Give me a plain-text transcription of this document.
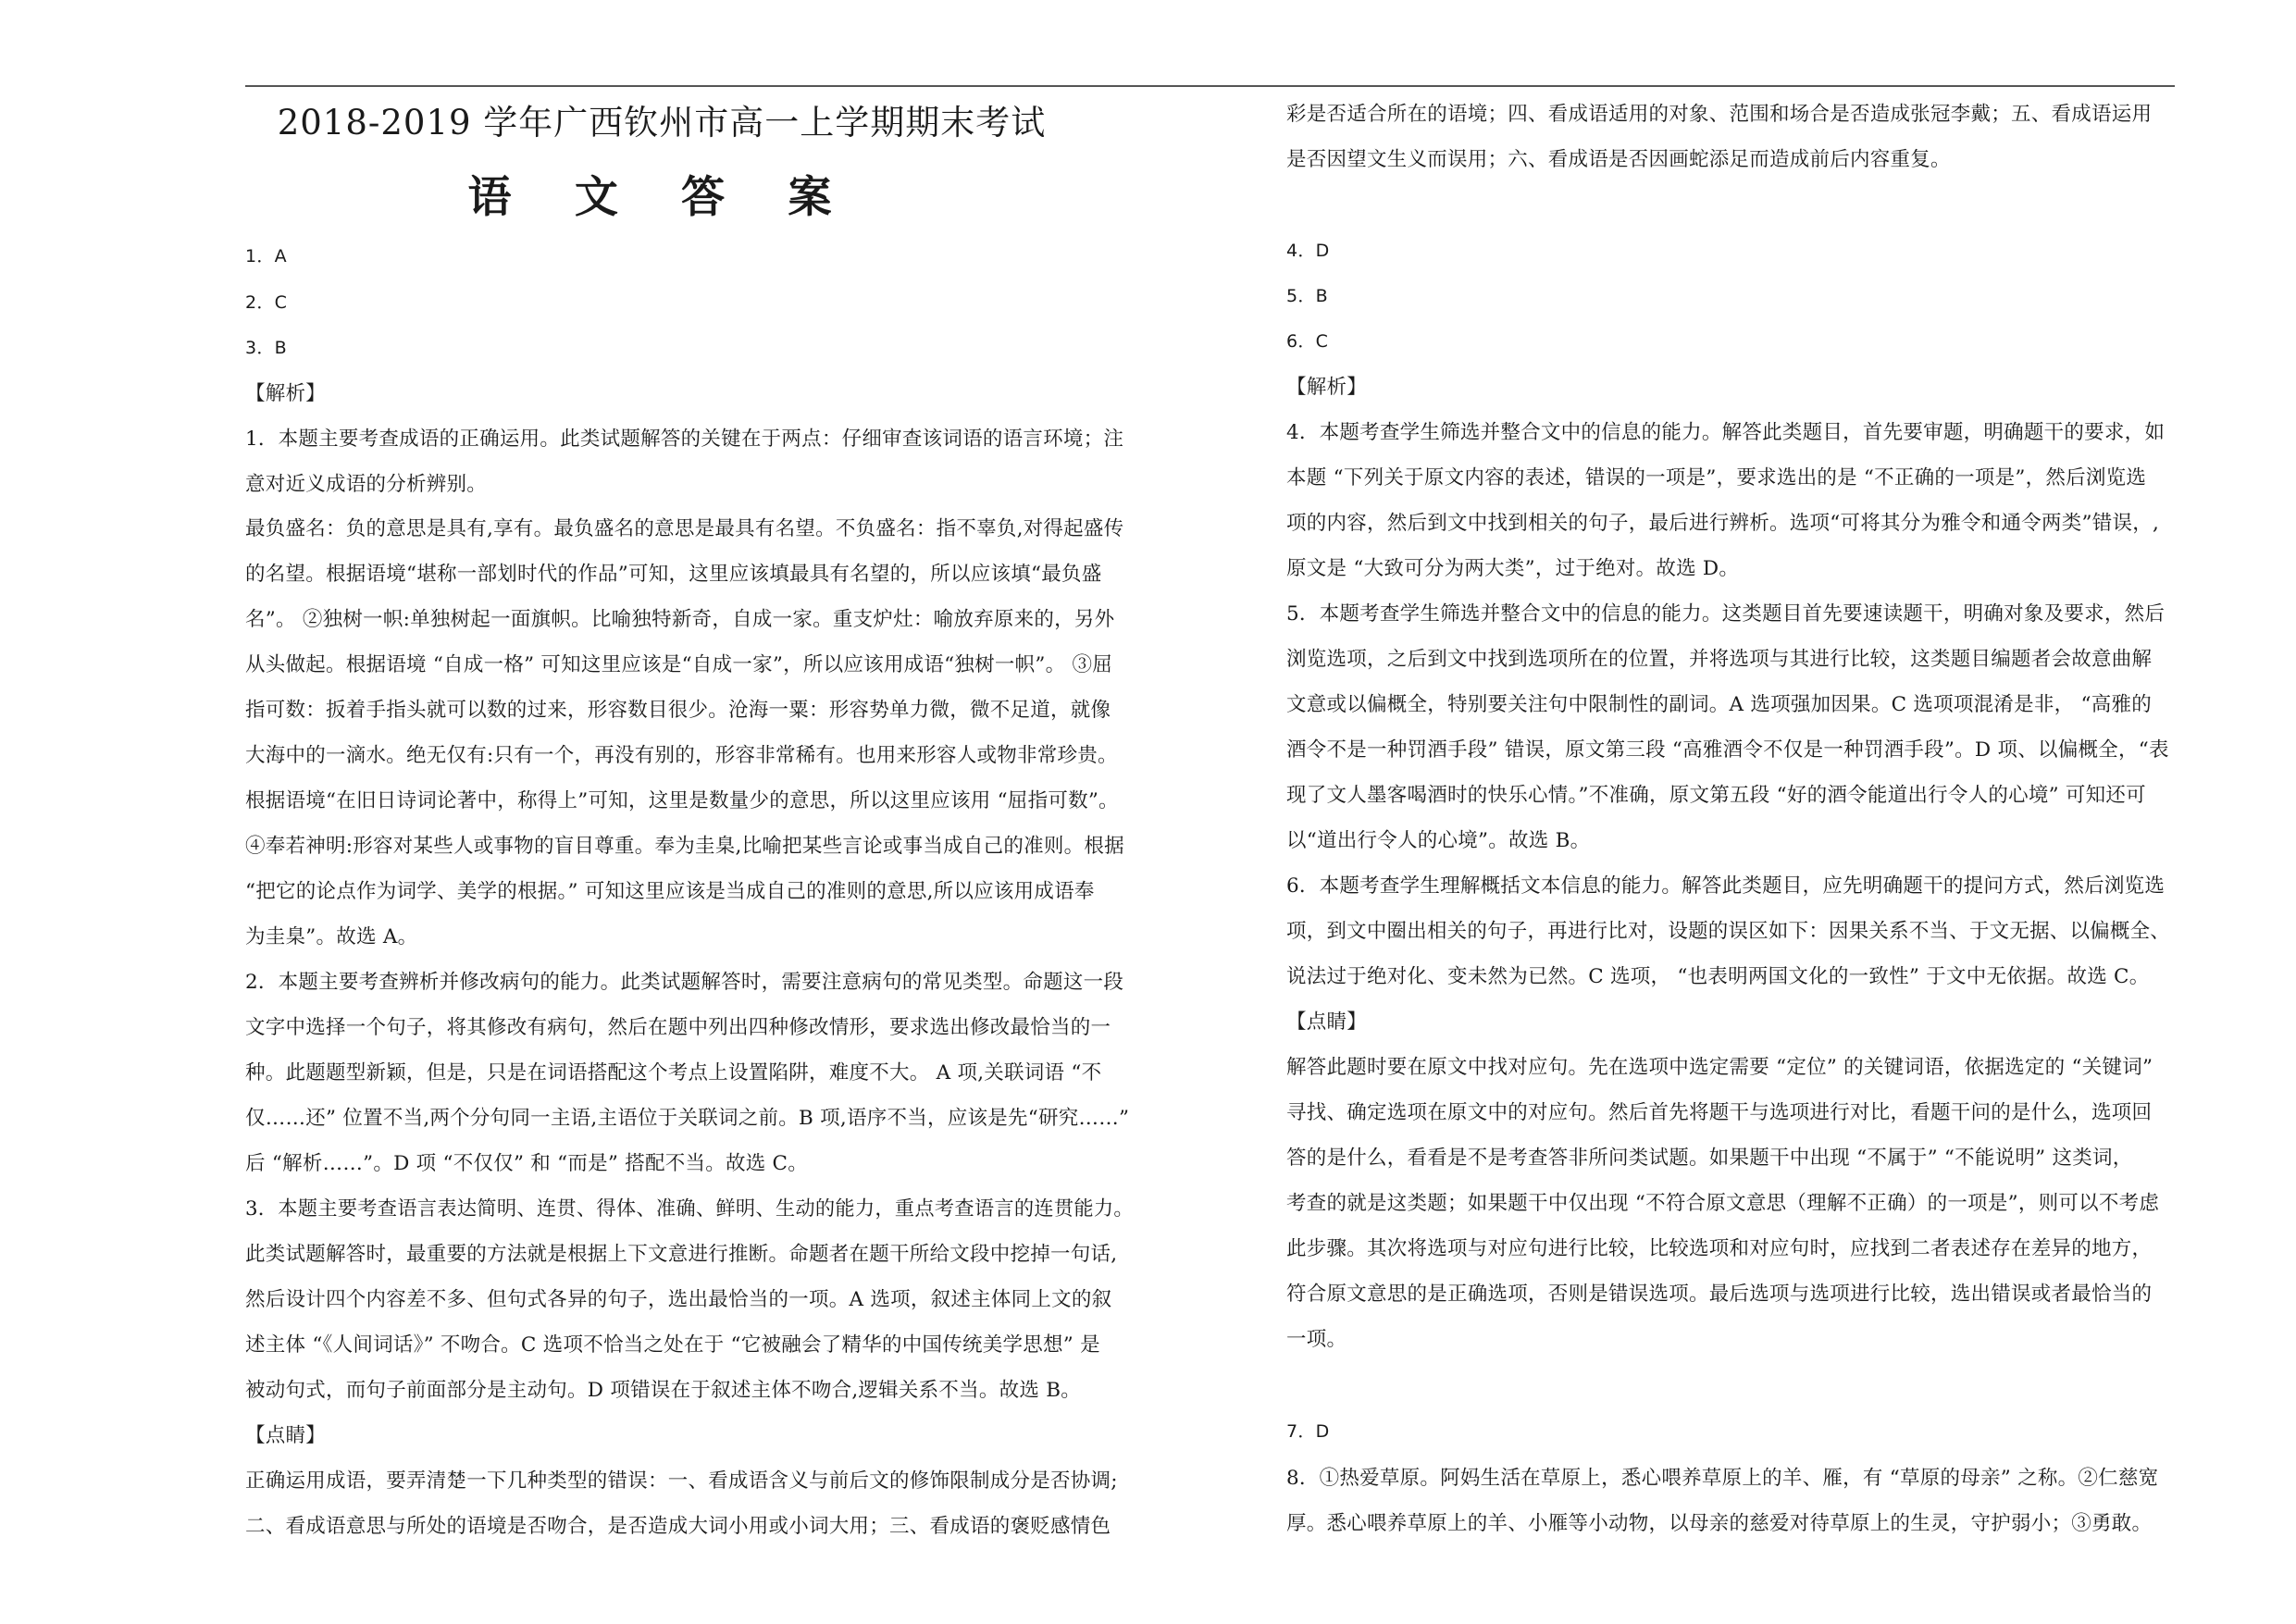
2018-2019 学年广西钦州市高一上学期期末考试
语 文 答 案
1．A
2．C
3．B
【解析】
1．本题主要考查成语的正确运用。此类试题解答的关键在于两点：仔细审查该词语的语言环境；注
意对近义成语的分析辨别。
最负盛名：负的意思是具有,享有。最负盛名的意思是最具有名望。不负盛名：指不辜负,对得起盛传
的名望。根据语境“堪称一部划时代的作品”可知，这里应该填最具有名望的，所以应该填“最负盛
名”。 ②独树一帜:单独树起一面旗帜。比喻独特新奇，自成一家。重支炉灶：喻放弃原来的，另外
从头做起。根据语境 “自成一格” 可知这里应该是“自成一家”，所以应该用成语“独树一帜”。 ③屈
指可数：扳着手指头就可以数的过来，形容数目很少。沧海一粟：形容势单力微，微不足道，就像
大海中的一滴水。绝无仅有:只有一个，再没有别的，形容非常稀有。也用来形容人或物非常珍贵。
根据语境“在旧日诗词论著中，称得上”可知，这里是数量少的意思，所以这里应该用 “屈指可数”。
④奉若神明:形容对某些人或事物的盲目尊重。奉为圭臬,比喻把某些言论或事当成自己的准则。根据
“把它的论点作为词学、美学的根据。” 可知这里应该是当成自己的准则的意思,所以应该用成语奉
为圭臬”。故选 A。
2．本题主要考查辨析并修改病句的能力。此类试题解答时，需要注意病句的常见类型。命题这一段
文字中选择一个句子，将其修改有病句，然后在题中列出四种修改情形，要求选出修改最恰当的一
种。此题题型新颖，但是，只是在词语搭配这个考点上设置陷阱，难度不大。 A 项,关联词语 “不
仅……还” 位置不当,两个分句同一主语,主语位于关联词之前。B 项,语序不当，应该是先“研究……”
后 “解析……”。D 项 “不仅仅” 和 “而是” 搭配不当。故选 C。
3．本题主要考查语言表达简明、连贯、得体、准确、鲜明、生动的能力，重点考查语言的连贯能力。
此类试题解答时，最重要的方法就是根据上下文意进行推断。命题者在题干所给文段中挖掉一句话,
然后设计四个内容差不多、但句式各异的句子，选出最恰当的一项。A 选项，叙述主体同上文的叙
述主体 “《人间词话》” 不吻合。C 选项不恰当之处在于 “它被融会了精华的中国传统美学思想” 是
被动句式，而句子前面部分是主动句。D 项错误在于叙述主体不吻合,逻辑关系不当。故选 B。
【点睛】
正确运用成语，要弄清楚一下几种类型的错误：一、看成语含义与前后文的修饰限制成分是否协调;
二、看成语意思与所处的语境是否吻合，是否造成大词小用或小词大用；三、看成语的褒贬感情色
彩是否适合所在的语境；四、看成语适用的对象、范围和场合是否造成张冠李戴；五、看成语运用
是否因望文生义而误用；六、看成语是否因画蛇添足而造成前后内容重复。
4．D
5．B
6．C
【解析】
4．本题考查学生筛选并整合文中的信息的能力。解答此类题目，首先要审题，明确题干的要求，如
本题 “下列关于原文内容的表述，错误的一项是”，要求选出的是 “不正确的一项是”，然后浏览选
项的内容，然后到文中找到相关的句子，最后进行辨析。选项“可将其分为雅令和通令两类”错误，,
原文是 “大致可分为两大类”，过于绝对。故选 D。
5．本题考查学生筛选并整合文中的信息的能力。这类题目首先要速读题干，明确对象及要求，然后
浏览选项，之后到文中找到选项所在的位置，并将选项与其进行比较，这类题目编题者会故意曲解
文意或以偏概全，特别要关注句中限制性的副词。A 选项强加因果。C 选项项混淆是非， “高雅的
酒令不是一种罚酒手段” 错误，原文第三段 “高雅酒令不仅是一种罚酒手段”。D 项、以偏概全，“表
现了文人墨客喝酒时的快乐心情。”不准确，原文第五段 “好的酒令能道出行令人的心境” 可知还可
以“道出行令人的心境”。故选 B。
6．本题考查学生理解概括文本信息的能力。解答此类题目，应先明确题干的提问方式，然后浏览选
项，到文中圈出相关的句子，再进行比对，设题的误区如下：因果关系不当、于文无据、以偏概全、
说法过于绝对化、变未然为已然。C 选项， “也表明两国文化的一致性” 于文中无依据。故选 C。
【点睛】
解答此题时要在原文中找对应句。先在选项中选定需要 “定位” 的关键词语，依据选定的 “关键词”
寻找、确定选项在原文中的对应句。然后首先将题干与选项进行对比，看题干问的是什么，选项回
答的是什么，看看是不是考查答非所问类试题。如果题干中出现 “不属于” “不能说明” 这类词，
考查的就是这类题；如果题干中仅出现 “不符合原文意思（理解不正确）的一项是”，则可以不考虑
此步骤。其次将选项与对应句进行比较，比较选项和对应句时，应找到二者表述存在差异的地方，
符合原文意思的是正确选项，否则是错误选项。最后选项与选项进行比较，选出错误或者最恰当的
一项。
7．D
8．①热爱草原。阿妈生活在草原上，悉心喂养草原上的羊、雁，有 “草原的母亲” 之称。②仁慈宽
厚。悉心喂养草原上的羊、小雁等小动物，以母亲的慈爱对待草原上的生灵，守护弱小；③勇敢。
